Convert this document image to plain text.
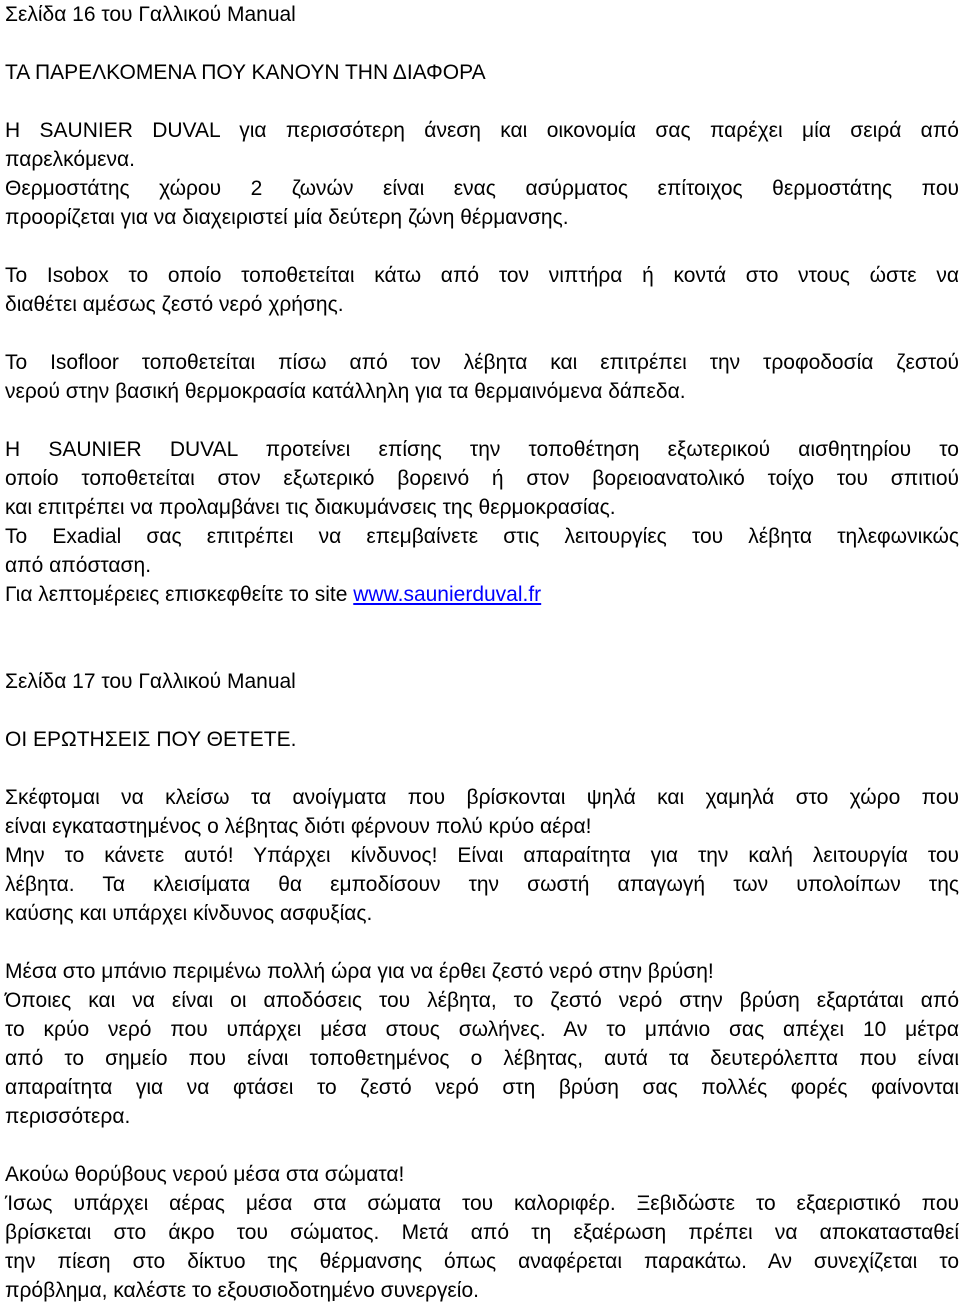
Σελίδα 16 του Γαλλικού Manual
ΤΑ ΠΑΡΕΛΚΟΜΕΝΑ ΠΟΥ ΚΑΝΟΥΝ ΤΗΝ ΔΙΑΦΟΡΑ
Η SAUNIER DUVAL για περισσότερη άνεση και οικονομία σας παρέχει μία σειρά από
παρελκόμενα.
Θερμοστάτης χώρου 2 ζωνών είναι ενας ασύρματος επίτοιχος θερμοστάτης που
προορίζεται για να διαχειριστεί μία δεύτερη ζώνη θέρμανσης.
Το Isobox το οποίο τοποθετείται κάτω από τον νιπτήρα ή κοντά στο ντους ώστε να
διαθέτει αμέσως ζεστό νερό χρήσης.
Το Isofloor τοποθετείται πίσω από τον λέβητα και επιτρέπει την τροφοδοσία ζεστού
νερού στην βασική θερμοκρασία κατάλληλη για τα θερμαινόμενα δάπεδα.
Η SAUNIER DUVAL προτείνει επίσης την τοποθέτηση εξωτερικού αισθητηρίου το
οποίο τοποθετείται στον εξωτερικό βορεινό ή στον βορειοανατολικό τοίχο του σπιτιού
και επιτρέπει να προλαμβάνει τις διακυμάνσεις της θερμοκρασίας.
Το Exadial σας επιτρέπει να επεμβαίνετε στις λειτουργίες του λέβητα τηλεφωνικώς
από απόσταση.
Για λεπτομέρειες επισκεφθείτε το site www.saunierduval.fr
Σελίδα 17 του Γαλλικού Manual
ΟΙ ΕΡΩΤΗΣΕΙΣ ΠΟΥ ΘΕΤΕΤΕ.
Σκέφτομαι να κλείσω τα ανοίγματα που βρίσκονται ψηλά και χαμηλά στο χώρο που
είναι εγκαταστημένος ο λέβητας διότι φέρνουν πολύ κρύο αέρα!
Μην το κάνετε αυτό! Υπάρχει κίνδυνος! Είναι απαραίτητα για την καλή λειτουργία του
λέβητα. Τα κλεισίματα θα εμποδίσουν την σωστή απαγωγή των υπολοίπων της
καύσης και υπάρχει κίνδυνος ασφυξίας.
Μέσα στο μπάνιο περιμένω πολλή ώρα για να έρθει ζεστό νερό στην βρύση!
Όποιες και να είναι οι αποδόσεις του λέβητα, το ζεστό νερό στην βρύση εξαρτάται από
το κρύο νερό που υπάρχει μέσα στους σωλήνες. Αν το μπάνιο σας απέχει 10 μέτρα
από το σημείο που είναι τοποθετημένος ο λέβητας, αυτά τα δευτερόλεπτα που είναι
απαραίτητα για να φτάσει το ζεστό νερό στη βρύση σας πολλές φορές φαίνονται
περισσότερα.
Ακούω θορύβους νερού μέσα στα σώματα!
Ίσως υπάρχει αέρας μέσα στα σώματα του καλοριφέρ. Ξεβιδώστε το εξαεριστικό που
βρίσκεται στο άκρο του σώματος. Μετά από τη εξαέρωση πρέπει να αποκατασταθεί
την πίεση στο δίκτυο της θέρμανσης όπως αναφέρεται παρακάτω. Αν συνεχίζεται το
πρόβλημα, καλέστε το εξουσιοδοτημένο συνεργείο.
